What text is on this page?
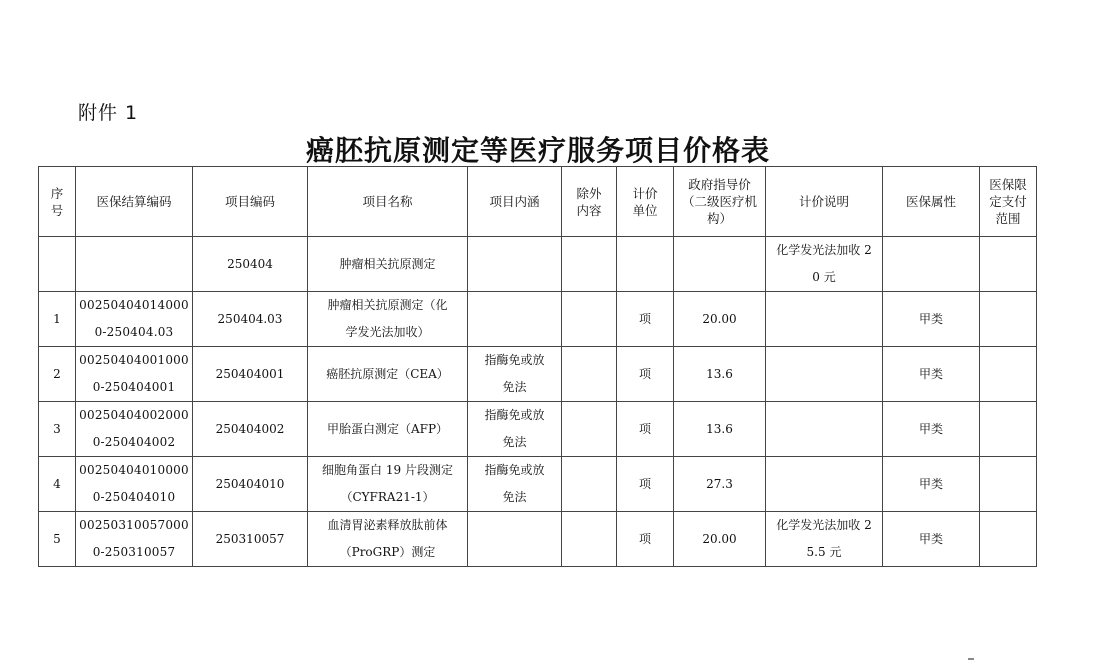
附件 1
癌胚抗原测定等医疗服务项目价格表
序号	医保结算编码	项目编码	项目名称	项目内涵	除外内容	计价单位	政府指导价（二级医疗机构）	计价说明	医保属性	医保限定支付范围
		250404	肿瘤相关抗原测定					化学发光法加收 20 元		
1	002504040140000-250404.03	250404.03	肿瘤相关抗原测定（化学发光法加收）			项	20.00		甲类	
2	002504040010000-250404001	250404001	癌胚抗原测定（CEA）	指酶免或放免法		项	13.6		甲类	
3	002504040020000-250404002	250404002	甲胎蛋白测定（AFP）	指酶免或放免法		项	13.6		甲类	
4	002504040100000-250404010	250404010	细胞角蛋白 19 片段测定（CYFRA21-1）	指酶免或放免法		项	27.3		甲类	
5	002503100570000-250310057	250310057	血清胃泌素释放肽前体（ProGRP）测定			项	20.00	化学发光法加收 25.5 元	甲类	
